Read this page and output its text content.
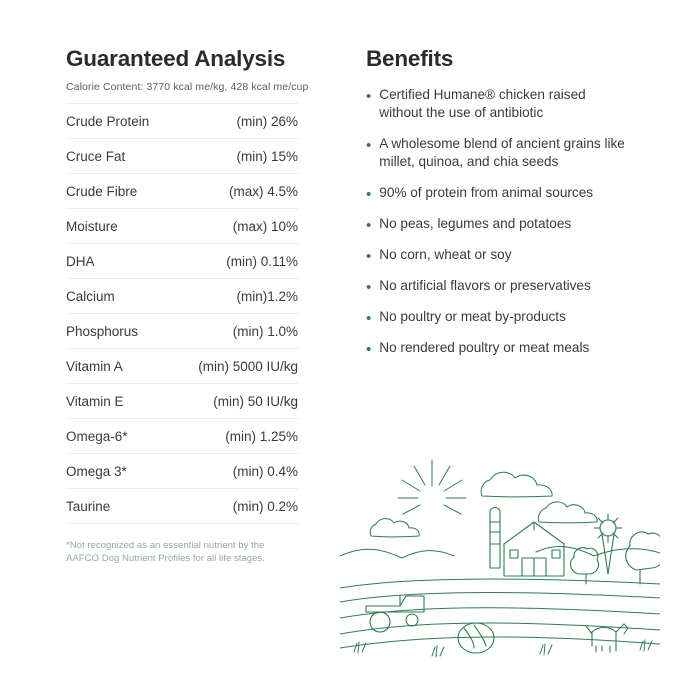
Guaranteed Analysis
Calorie Content: 3770 kcal me/kg, 428 kcal me/cup
Crude Protein	(min) 26%
Cruce Fat	(min) 15%
Crude Fibre	(max) 4.5%
Moisture	(max) 10%
DHA	(min) 0.11%
Calcium	(min)1.2%
Phosphorus	(min) 1.0%
Vitamin A	(min) 5000 IU/kg
Vitamin E	(min) 50 IU/kg
Omega-6*	(min) 1.25%
Omega 3*	(min) 0.4%
Taurine	(min) 0.2%
*Not recognized as an essential nutrient by the AAFCO Dog Nutrient Profiles for all life stages.
Benefits
• Certified Humane® chicken raised without the use of antibiotic
• A wholesome blend of ancient grains like millet, quinoa, and chia seeds
• 90% of protein from animal sources
• No peas, legumes and potatoes
• No corn, wheat or soy
• No artificial flavors or preservatives
• No poultry or meat by-products
• No rendered poultry or meat meals
